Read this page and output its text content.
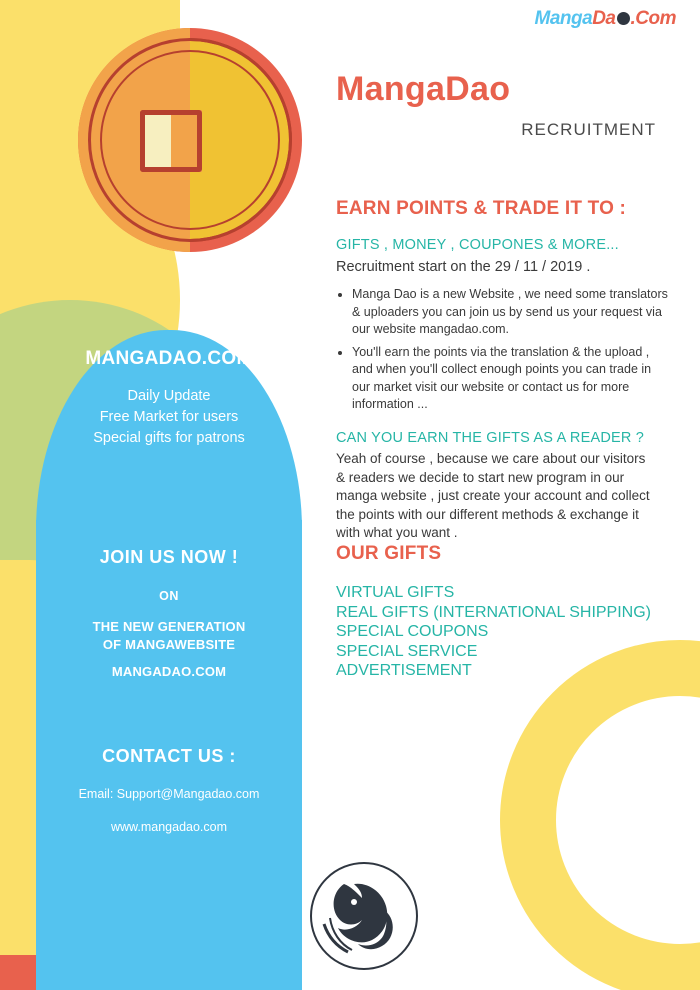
MangaDa .Com
MangaDao
RECRUITMENT
EARN POINTS & TRADE IT TO :
GIFTS , MONEY , COUPONES & MORE...
Recruitment start on the 29 / 11 / 2019 .
• Manga Dao is a new Website , we need some translators & uploaders you can join us by send us your request via our website mangadao.com.
• You'll earn the points via the translation & the upload , and when you'll collect enough points you can trade in our market visit our website or contact us for more information ...
CAN YOU EARN THE GIFTS AS A READER ?
Yeah of course , because we care about our visitors & readers we decide to start new program in our manga website , just create your account and collect the points with our different methods & exchange it with what you want .
OUR GIFTS
VIRTUAL GIFTS
REAL GIFTS (INTERNATIONAL SHIPPING)
SPECIAL COUPONS
SPECIAL SERVICE
ADVERTISEMENT
MANGADAO.COM
Daily Update
Free Market for users
Special gifts for patrons
JOIN US NOW !
ON
THE NEW GENERATION
OF MANGAWEBSITE
MANGADAO.COM
CONTACT US :
Email: Support@Mangadao.com
www.mangadao.com
